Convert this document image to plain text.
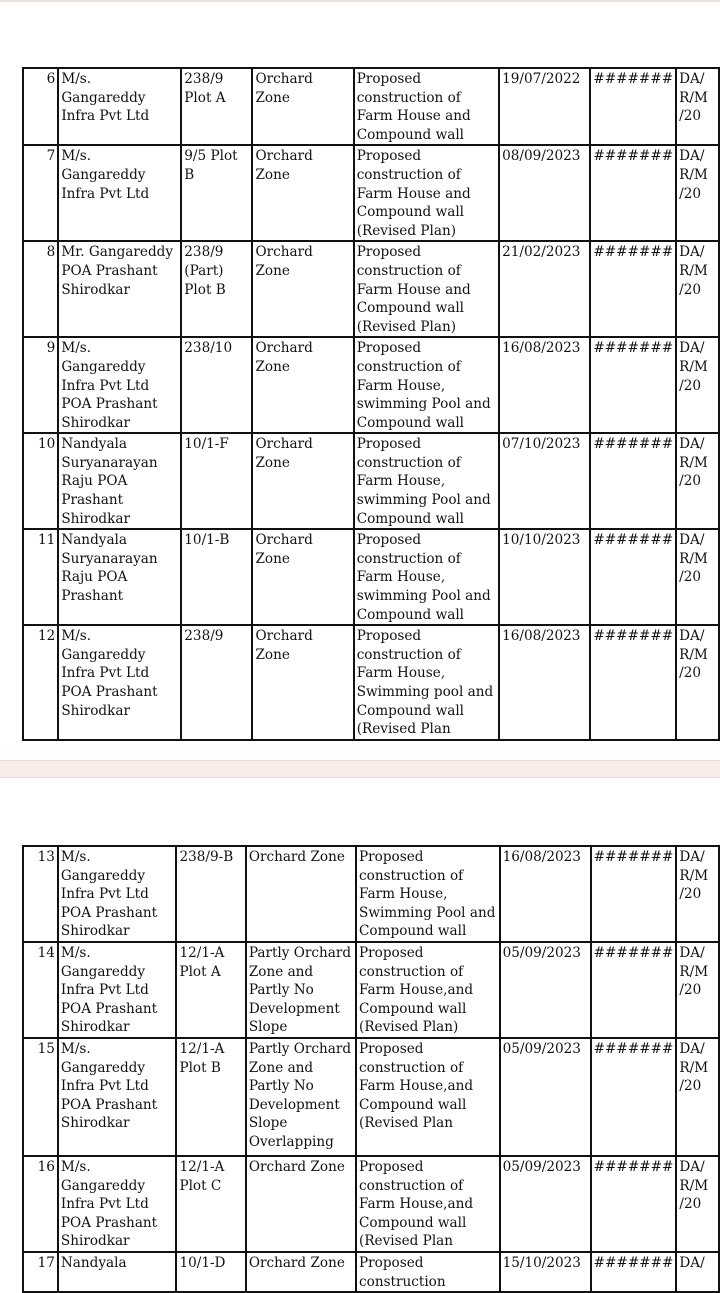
6	M/s. Gangareddy Infra Pvt Ltd	238/9 Plot A	Orchard Zone	Proposed construction of Farm House and Compound wall	19/07/2022	#######	DA/ R/M /20
7	M/s. Gangareddy Infra Pvt Ltd	9/5 Plot B	Orchard Zone	Proposed construction of Farm House and Compound wall (Revised Plan)	08/09/2023	#######	DA/ R/M /20
8	Mr. Gangareddy POA Prashant Shirodkar	238/9 (Part) Plot B	Orchard Zone	Proposed construction of Farm House and Compound wall (Revised Plan)	21/02/2023	#######	DA/ R/M /20
9	M/s. Gangareddy Infra Pvt Ltd POA Prashant Shirodkar	238/10	Orchard Zone	Proposed construction of Farm House, swimming Pool and Compound wall	16/08/2023	#######	DA/ R/M /20
10	Nandyala Suryanarayan Raju POA Prashant Shirodkar	10/1-F	Orchard Zone	Proposed construction of Farm House, swimming Pool and Compound wall	07/10/2023	#######	DA/ R/M /20
11	Nandyala Suryanarayan Raju POA Prashant	10/1-B	Orchard Zone	Proposed construction of Farm House, swimming Pool and Compound wall	10/10/2023	#######	DA/ R/M /20
12	M/s. Gangareddy Infra Pvt Ltd POA Prashant Shirodkar	238/9	Orchard Zone	Proposed construction of Farm House, Swimming pool and Compound wall (Revised Plan	16/08/2023	#######	DA/ R/M /20
13	M/s. Gangareddy Infra Pvt Ltd POA Prashant Shirodkar	238/9-B	Orchard Zone	Proposed construction of Farm House, Swimming Pool and Compound wall	16/08/2023	#######	DA/ R/M /20
14	M/s. Gangareddy Infra Pvt Ltd POA Prashant Shirodkar	12/1-A Plot A	Partly Orchard Zone and Partly No Development Slope	Proposed construction of Farm House,and Compound wall (Revised Plan)	05/09/2023	#######	DA/ R/M /20
15	M/s. Gangareddy Infra Pvt Ltd POA Prashant Shirodkar	12/1-A Plot B	Partly Orchard Zone and Partly No Development Slope Overlapping	Proposed construction of Farm House,and Compound wall (Revised Plan	05/09/2023	#######	DA/ R/M /20
16	M/s. Gangareddy Infra Pvt Ltd POA Prashant Shirodkar	12/1-A Plot C	Orchard Zone	Proposed construction of Farm House,and Compound wall (Revised Plan	05/09/2023	#######	DA/ R/M /20
17	Nandyala	10/1-D	Orchard Zone	Proposed construction	15/10/2023	#######	DA/
